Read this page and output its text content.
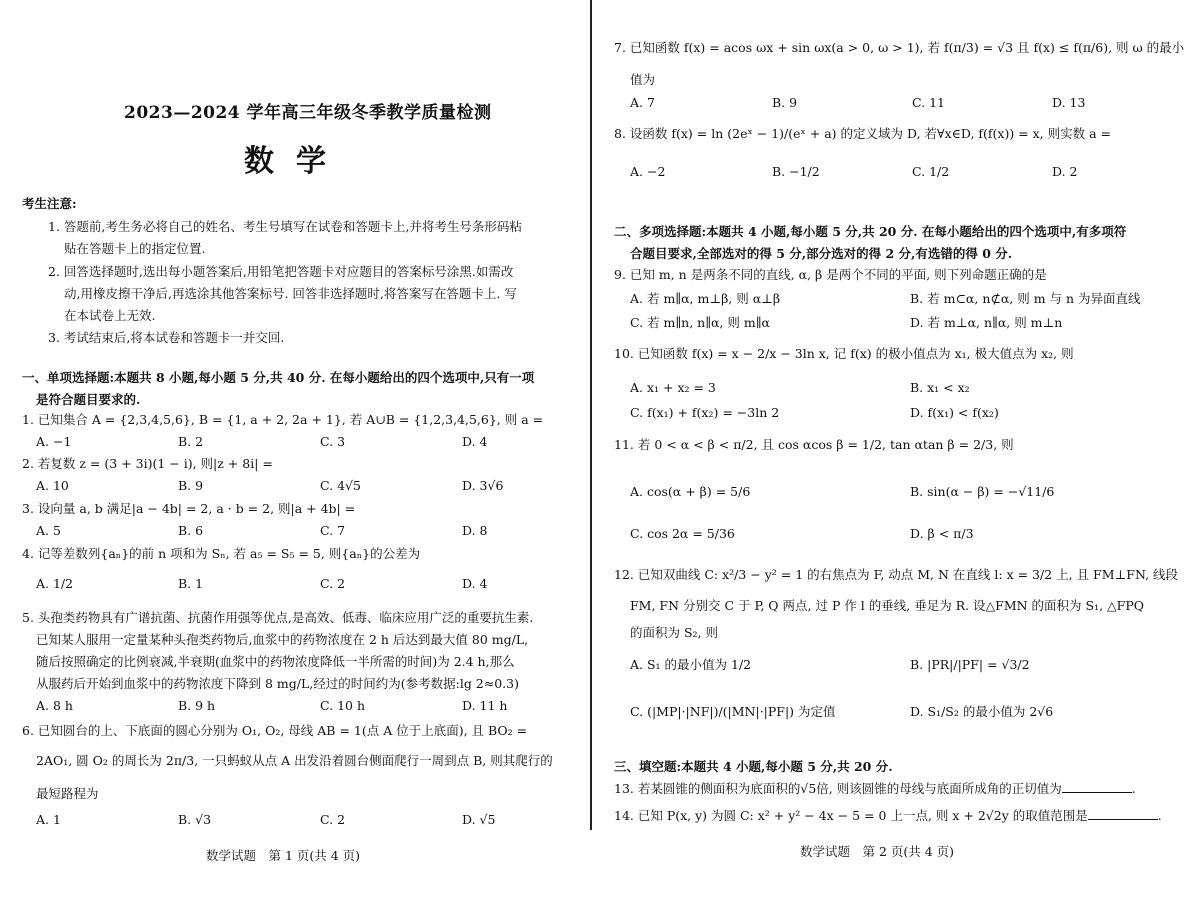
2023—2024 学年高三年级冬季教学质量检测
数学
考生注意:
1. 答题前,考生务必将自己的姓名、考生号填写在试卷和答题卡上,并将考生号条形码粘
贴在答题卡上的指定位置.
2. 回答选择题时,选出每小题答案后,用铅笔把答题卡对应题目的答案标号涂黑.如需改
动,用橡皮擦干净后,再选涂其他答案标号. 回答非选择题时,将答案写在答题卡上. 写
在本试卷上无效.
3. 考试结束后,将本试卷和答题卡一并交回.
一、单项选择题:本题共 8 小题,每小题 5 分,共 40 分. 在每小题给出的四个选项中,只有一项
是符合题目要求的.
1. 已知集合 A = {2,3,4,5,6}, B = {1, a + 2, 2a + 1}, 若 A∪B = {1,2,3,4,5,6}, 则 a =
A. −1	B. 2	C. 3	D. 4
2. 若复数 z = (3 + 3i)(1 − i), 则|z + 8i| =
A. 10	B. 9	C. 4√5	D. 3√6
3. 设向量 a, b 满足|a − 4b| = 2, a · b = 2, 则|a + 4b| =
A. 5	B. 6	C. 7	D. 8
4. 记等差数列{aₙ}的前 n 项和为 Sₙ, 若 a₅ = S₅ = 5, 则{aₙ}的公差为
A. 1/2	B. 1	C. 2	D. 4
5. 头孢类药物具有广谱抗菌、抗菌作用强等优点,是高效、低毒、临床应用广泛的重要抗生素.
已知某人服用一定量某种头孢类药物后,血浆中的药物浓度在 2 h 后达到最大值 80 mg/L,
随后按照确定的比例衰减,半衰期(血浆中的药物浓度降低一半所需的时间)为 2.4 h,那么
从服药后开始到血浆中的药物浓度下降到 8 mg/L,经过的时间约为(参考数据:lg 2≈0.3)
A. 8 h	B. 9 h	C. 10 h	D. 11 h
6. 已知圆台的上、下底面的圆心分别为 O₁, O₂, 母线 AB = 1(点 A 位于上底面), 且 BO₂ =
2AO₁, 圆 O₂ 的周长为 2π/3, 一只蚂蚁从点 A 出发沿着圆台侧面爬行一周到点 B, 则其爬行的
最短路程为
A. 1	B. √3	C. 2	D. √5
数学试题　第 1 页(共 4 页)
7. 已知函数 f(x) = acos ωx + sin ωx(a > 0, ω > 1), 若 f(π/3) = √3 且 f(x) ≤ f(π/6), 则 ω 的最小
值为
A. 7	B. 9	C. 11	D. 13
8. 设函数 f(x) = ln (2eˣ − 1)/(eˣ + a) 的定义域为 D, 若∀x∈D, f(f(x)) = x, 则实数 a =
A. −2	B. −1/2	C. 1/2	D. 2
二、多项选择题:本题共 4 小题,每小题 5 分,共 20 分. 在每小题给出的四个选项中,有多项符
合题目要求,全部选对的得 5 分,部分选对的得 2 分,有选错的得 0 分.
9. 已知 m, n 是两条不同的直线, α, β 是两个不同的平面, 则下列命题正确的是
A. 若 m∥α, m⊥β, 则 α⊥β	B. 若 m⊂α, n⊄α, 则 m 与 n 为异面直线
C. 若 m∥n, n∥α, 则 m∥α	D. 若 m⊥α, n∥α, 则 m⊥n
10. 已知函数 f(x) = x − 2/x − 3ln x, 记 f(x) 的极小值点为 x₁, 极大值点为 x₂, 则
A. x₁ + x₂ = 3	B. x₁ < x₂
C. f(x₁) + f(x₂) = −3ln 2	D. f(x₁) < f(x₂)
11. 若 0 < α < β < π/2, 且 cos αcos β = 1/2, tan αtan β = 2/3, 则
A. cos(α + β) = 5/6	B. sin(α − β) = −√11/6
C. cos 2α = 5/36	D. β < π/3
12. 已知双曲线 C: x²/3 − y² = 1 的右焦点为 F, 动点 M, N 在直线 l: x = 3/2 上, 且 FM⊥FN, 线段
FM, FN 分别交 C 于 P, Q 两点, 过 P 作 l 的垂线, 垂足为 R. 设△FMN 的面积为 S₁, △FPQ
的面积为 S₂, 则
A. S₁ 的最小值为 1/2	B. |PR|/|PF| = √3/2
C. (|MP|·|NF|)/(|MN|·|PF|) 为定值	D. S₁/S₂ 的最小值为 2√6
三、填空题:本题共 4 小题,每小题 5 分,共 20 分.
13. 若某圆锥的侧面积为底面积的√5倍, 则该圆锥的母线与底面所成角的正切值为	.
14. 已知 P(x, y) 为圆 C: x² + y² − 4x − 5 = 0 上一点, 则 x + 2√2y 的取值范围是	.
数学试题　第 2 页(共 4 页)
